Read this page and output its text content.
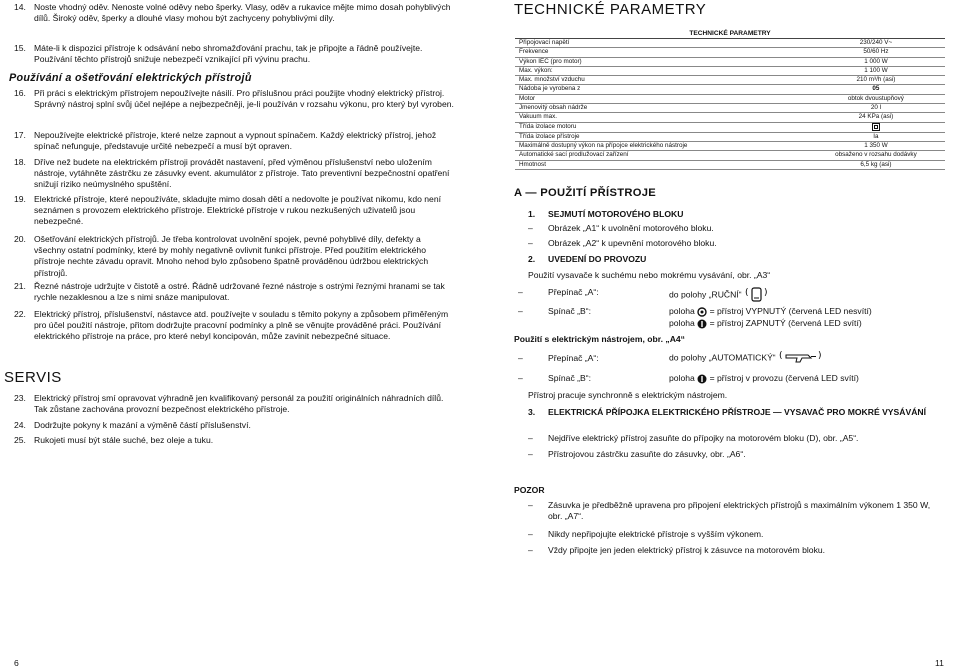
14. Noste vhodný oděv. Nenoste volné oděvy nebo šperky. Vlasy, oděv a rukavice mějte mimo dosah pohyblivých dílů. Široký oděv, šperky a dlouhé vlasy mohou být zachyceny pohyblivými díly.
15. Máte-li k dispozici přístroje k odsávání nebo shromažďování prachu, tak je připojte a řádně používejte. Používání těchto přístrojů snižuje nebezpečí vznikající při vývinu prachu.
Používání a ošetřování elektrických přístrojů
16. Při práci s elektrickým přístrojem nepoužívejte násilí. Pro příslušnou práci použijte vhodný elektrický přístroj. Správný nástroj splní svůj účel nejlépe a nejbezpečněji, je-li používán v rozsahu výkonu, pro který byl vyroben.
17. Nepoužívejte elektrické přístroje, které nelze zapnout a vypnout spínačem. Každý elektrický přístroj, jehož spínač nefunguje, představuje určité nebezpečí a musí být opraven.
18. Dříve než budete na elektrickém přístroji provádět nastavení, před výměnou příslušenství nebo uložením nástroje, vytáhněte zástrčku ze zásuvky event. akumulátor z přístroje. Tato preventivní bezpečnostní opatření snižují riziko neúmyslného spuštění.
19. Elektrické přístroje, které nepoužíváte, skladujte mimo dosah dětí a nedovolte je používat nikomu, kdo není seznámen s provozem elektrického přístroje. Elektrické přístroje v rukou nezkušených uživatelů jsou nebezpečné.
20. Ošetřování elektrických přístrojů. Je třeba kontrolovat uvolnění spojek, pevné pohyblivé díly, defekty a všechny ostatní podmínky, které by mohly negativně ovlivnit funkci přístroje. Před použitím elektrického přístroje nechte závadu opravit. Mnoho nehod bylo způsobeno špatně prováděnou údržbou elektrických přístrojů.
21. Řezné nástroje udržujte v čistotě a ostré. Řádně udržované řezné nástroje s ostrými řeznými hranami se tak rychle nezaklesnou a lze s nimi snáze manipulovat.
22. Elektrický přístroj, příslušenství, nástavce atd. používejte v souladu s těmito pokyny a způsobem přiměřeným pro účel použití nástroje, přitom dodržujte pracovní podmínky a plně se věnujte prováděné práci. Používání elektrického přístroje na práce, pro které nebyl koncipován, může zavinit nebezpečné situace.
SERVIS
23. Elektrický přístroj smí opravovat výhradně jen kvalifikovaný personál za použití originálních náhradních dílů. Tak zůstane zachována provozní bezpečnost elektrického přístroje.
24. Dodržujte pokyny k mazání a výměně částí příslušenství.
25. Rukojeti musí být stále suché, bez oleje a tuku.
6
TECHNICKÉ PARAMETRY
TECHNICKÉ PARAMETRY	
Připojovací napětí	230/240 V~
Frekvence	50/60 Hz
Výkon IEC (pro motor)	1 000 W
Max. výkon:	1 100 W
Max. množství vzduchu	210 m³/h (asi)
Nádoba je vyrobena z	05
Motor	obtok dvoustupňový
Jmenovitý obsah nádrže	20 l
Vakuum max.	24 KPa (asi)
Třída izolace motoru	
Třída izolace přístroje	Ia
Maximálně dostupný výkon na přípojce elektrického nástroje	1 350 W
Automatické sací prodlužovací zařízení	obsaženo v rozsahu dodávky
Hmotnost	6,5 kg (asi)
A — POUŽITÍ PŘÍSTROJE
1. SEJMUTÍ MOTOROVÉHO BLOKU
– Obrázek „A1“ k uvolnění motorového bloku.
– Obrázek „A2“ k upevnění motorového bloku.
2. UVEDENÍ DO PROVOZU
Použití vysavače k suchému nebo mokrému vysávání, obr. „A3“
–	Přepínač „A“:	do polohy „RUČNÍ“ ( )
–	Spínač „B“:	poloha = přístroj VYPNUTÝ (červená LED nesvítí)
poloha = přístroj ZAPNUTÝ (červená LED svítí)
Použití s elektrickým nástrojem, obr. „A4“
–	Přepínač „A“:	do polohy „AUTOMATICKÝ“ (	)
–	Spínač „B“:	poloha = přístroj v provozu (červená LED svítí)
Přístroj pracuje synchronně s elektrickým nástrojem.
3. ELEKTRICKÁ PŘÍPOJKA ELEKTRICKÉHO PŘÍSTROJE — VYSAVAČ PRO MOKRÉ VYSÁVÁNÍ
– Nejdříve elektrický přístroj zasuňte do přípojky na motorovém bloku (D), obr. „A5“.
– Přístrojovou zástrčku zasuňte do zásuvky, obr. „A6“.
POZOR
– Zásuvka je předběžně upravena pro připojení elektrických přístrojů s maximálním výkonem 1 350 W, obr. „A7“.
– Nikdy nepřipojujte elektrické přístroje s vyšším výkonem.
– Vždy připojte jen jeden elektrický přístroj k zásuvce na motorovém bloku.
11
